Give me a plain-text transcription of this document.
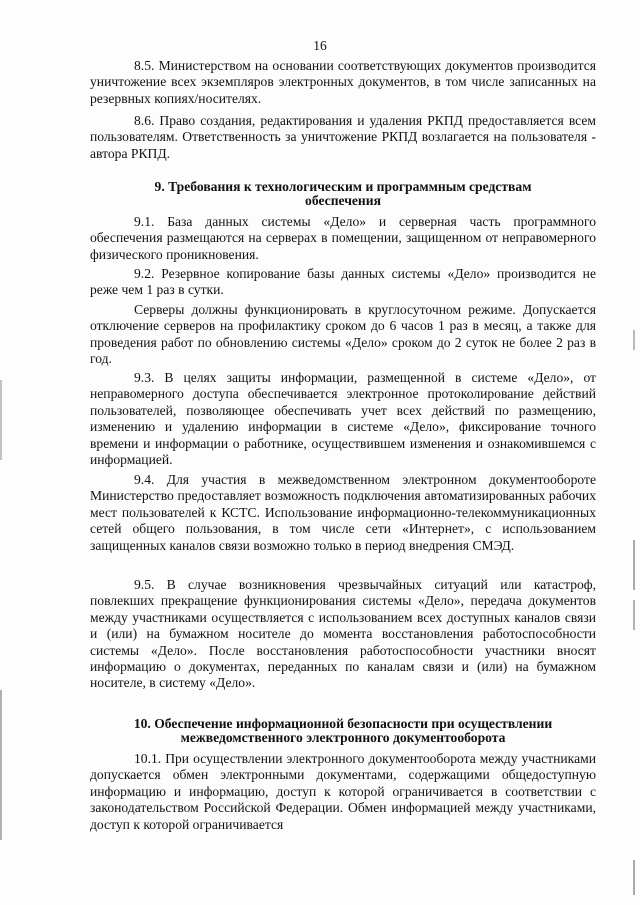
16

8.5. Министерством на основании соответствующих документов производится уничтожение всех экземпляров электронных документов, в том числе записанных на резервных копиях/носителях.

8.6. Право создания, редактирования и удаления РКПД предоставляется всем пользователям. Ответственность за уничтожение РКПД возлагается на пользователя - автора РКПД.

9. Требования к технологическим и программным средствам
обеспечения

9.1. База данных системы «Дело» и серверная часть программного обеспечения размещаются на серверах в помещении, защищенном от неправомерного физического проникновения.

9.2. Резервное копирование базы данных системы «Дело» производится не реже чем 1 раз в сутки.

Серверы должны функционировать в круглосуточном режиме. Допускается отключение серверов на профилактику сроком до 6 часов 1 раз в месяц, а также для проведения работ по обновлению системы «Дело» сроком до 2 суток не более 2 раз в год.

9.3. В целях защиты информации, размещенной в системе «Дело», от неправомерного доступа обеспечивается электронное протоколирование действий пользователей, позволяющее обеспечивать учет всех действий по размещению, изменению и удалению информации в системе «Дело», фиксирование точного времени и информации о работнике, осуществившем изменения и ознакомившемся с информацией.

9.4. Для участия в межведомственном электронном документообороте Министерство предоставляет возможность подключения автоматизированных рабочих мест пользователей к КСТС. Использование информационно-телекоммуникационных сетей общего пользования, в том числе сети «Интернет», с использованием защищенных каналов связи возможно только в период внедрения СМЭД.

9.5. В случае возникновения чрезвычайных ситуаций или катастроф, повлекших прекращение функционирования системы «Дело», передача документов между участниками осуществляется с использованием всех доступных каналов связи и (или) на бумажном носителе до момента восстановления работоспособности системы «Дело». После восстановления работоспособности участники вносят информацию о документах, переданных по каналам связи и (или) на бумажном носителе, в систему «Дело».

10. Обеспечение информационной безопасности при осуществлении
межведомственного электронного документооборота

10.1. При осуществлении электронного документооборота между участниками допускается обмен электронными документами, содержащими общедоступную информацию и информацию, доступ к которой ограничивается в соответствии с законодательством Российской Федерации. Обмен информацией между участниками, доступ к которой ограничивается
